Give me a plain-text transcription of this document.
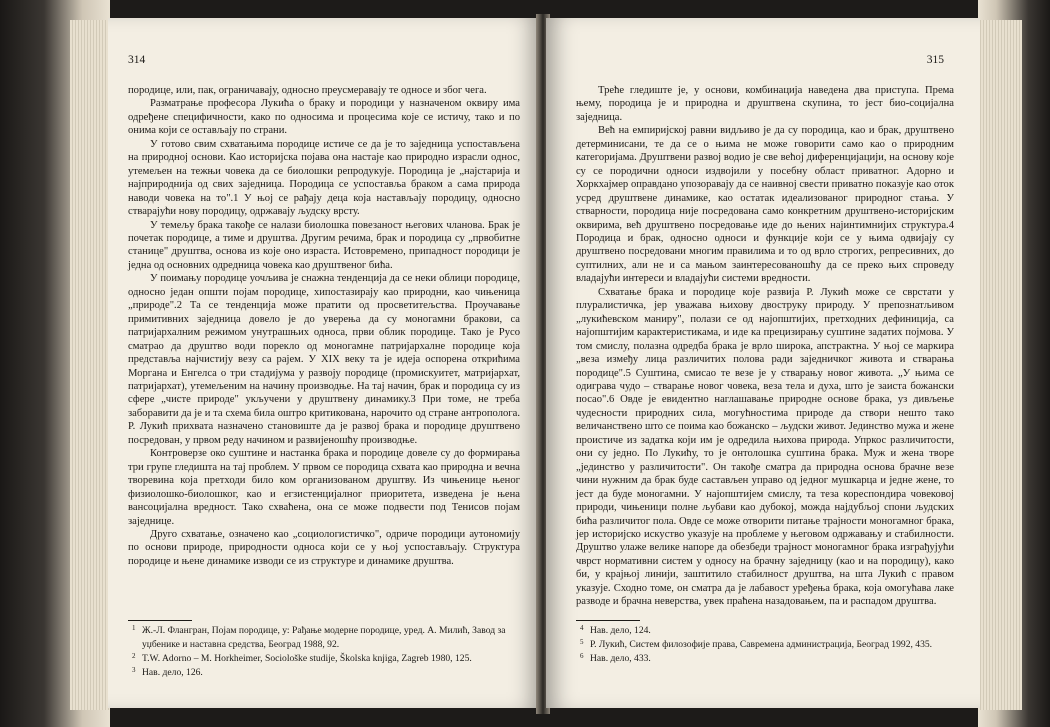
314

породице, или, пак, ограничавају, односно преусмеравају те односе и због чега.

Разматрање професора Лукића о браку и породици у назначеном оквиру има одређене специфичности, како по односима и процесима које се истичу, тако и по онима који се остављају по страни.

У готово свим схватањима породице истиче се да је то заједница успостављена на природној основи. Као историјска појава она настаје као природно израсли однос, утемељен на тежњи човека да се биолошки репродукује. Породица је „најстарија и најприроднија од свих заједница. Породица се успоставља браком а сама природа наводи човека на то".1 У њој се рађају деца која настављају породицу, односно стварајући нову породицу, одржавају људску врсту.

У темељу брака такође се налази биолошка повезаност његових чланова. Брак је почетак породице, а тиме и друштва. Другим речима, брак и породица су „првобитне станице" друштва, основа из које оно израста. Истовремено, припадност породици је једна од основних одредница човека као друштвеног бића.

У поимању породице уочљива је снажна тенденција да се неки облици породице, односно један општи појам породице, хипостазирају као природни, као чињеница „природе".2 Та се тенденција може пратити од просветитељства. Проучавање примитивних заједница довело је до уверења да су моногамни бракови, са патријархалним режимом унутрашњих односа, први облик породице. Тако је Русо сматрао да друштво води порекло од моногамне патријархалне породице која представља најчистију везу са рајем. У XIX веку та је идеја оспорена открићима Моргана и Енгелса о три стадијума у развоју породице (промискуитет, матријархат, патријархат), утемељеним на начину производње. На тај начин, брак и породица су из сфере „чисте природе" укључени у друштвену динамику.3 При томе, не треба заборавити да је и та схема била оштро критикована, нарочито од стране антрополога. Р. Лукић прихвата назначено становиште да је развој брака и породице друштвено посредован, у првом реду начином и развијеношћу производње.

Контроверзе око суштине и настанка брака и породице довеле су до формирања три групе гледишта на тај проблем. У првом се породица схвата као природна и вечна творевина која претходи било ком организованом друштву. Из чињенице њеног физиолошко-биолошког, као и егзистенцијалног приоритета, изведена је њена вансоцијална вредност. Тако схваћена, она се може подвести под Тенисов појам заједнице.

Друго схватање, означено као „социологистичко", одриче породици аутономију по основи природе, природности односа који се у њој успостављају. Структура породице и њене динамике изводи се из структуре и динамике друштва.

1 Ж.-Л. Флангран, Појам породице, у: Рађање модерне породице, уред. А. Милић, Завод за уџбенике и наставна средства, Београд 1988, 92.

2 T.W. Adorno – M. Horkheimer, Sociološke studije, Školska knjiga, Zagreb 1980, 125.

3 Нав. дело, 126.

315

Треће гледиште је, у основи, комбинација наведена два приступа. Према њему, породица је и природна и друштвена скупина, то јест био-социјална заједница.

Већ на емпиријској равни видљиво је да су породица, као и брак, друштвено детерминисани, те да се о њима не може говорити само као о природним категоријама. Друштвени развој водио је све већој диференцијацији, на основу које су се породични односи издвојили у посебну област приватног. Адорно и Хоркхајмер оправдано упозоравају да се наивној свести приватно показује као оток усред друштвене динамике, као остатак идеализованог природног стања. У стварности, породица није посредована само конкретним друштвено-историјским оквирима, већ друштвено посредовање иде до њених најинтимнијих структура.4 Породица и брак, односно односи и функције који се у њима одвијају су друштвено посредовани многим правилима и то од врло строгих, репресивних, до суптилних, али не и са мањом заинтересованошћу да се преко њих спроведу владајући интереси и владајући системи вредности.

Схватање брака и породице које развија Р. Лукић може се сврстати у плуралистичка, јер уважава њихову двоструку природу. У препознатљивом „лукићевском маниру", полази се од најопштијих, претходних дефиниција, са најопштијим карактеристикама, и иде ка прецизирању суштине задатих појмова. У том смислу, полазна одредба брака је врло широка, апстрактна. У њој се маркира „веза између лица различитих полова ради заједничког живота и стварања породице".5 Суштина, смисао те везе је у стварању новог живота. „У њима се одиграва чудо – стварање новог човека, веза тела и духа, што је заиста божански посао".6 Овде је евидентно наглашавање природне основе брака, уз дивљење чудесности природних сила, могућностима природе да створи нешто тако величанствено што се поима као божанско – људски живот. Јединство мужа и жене проистиче из задатка који им је одредила њихова природа. Упркос различитости, они су једно. По Лукићу, то је онтолошка суштина брака. Муж и жена творе „јединство у различитости". Он такође сматра да природна основа брачне везе чини нужним да брак буде састављен управо од једног мушкарца и једне жене, то јест да буде моногамни. У најопштијем смислу, та теза кореспондира човековој природи, чињеници полне љубави као дубокој, можда најдубљој спони људских бића различитог пола. Овде се може отворити питање трајности моногамног брака, јер историјско искуство указује на проблеме у његовом одржавању и стабилности. Друштво улаже велике напоре да обезбеди трајност моногамног брака изграђујући чврст нормативни систем у односу на брачну заједницу (као и на породицу), како би, у крајњој линији, заштитило стабилност друштва, на шта Лукић с правом указује. Сходно томе, он сматра да је лабавост уређења брака, која омогућава лаке разводе и брачна неверства, увек праћена назадовањем, па и распадом друштва.

4 Нав. дело, 124.

5 Р. Лукић, Систем филозофије права, Савремена администрација, Београд 1992, 435.

6 Нав. дело, 433.
